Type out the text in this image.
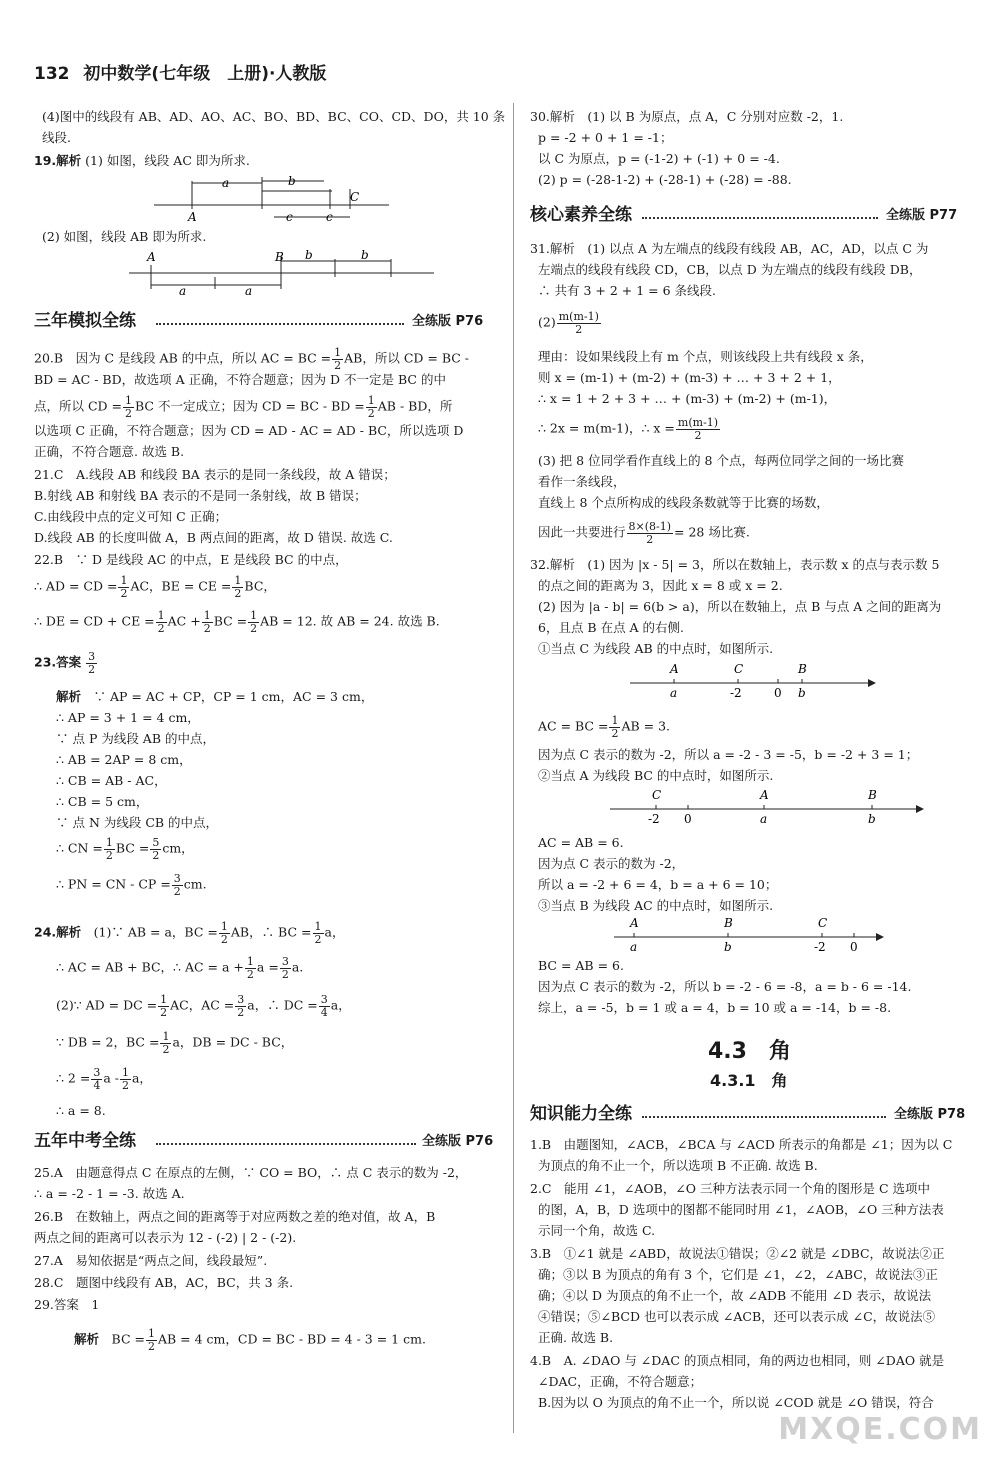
132 初中数学(七年级　上册)·人教版
(4)图中的线段有 AB、AD、AO、AC、BO、BD、BC、CO、CD、DO，共 10 条
线段.
19.解析 (1) 如图，线段 AC 即为所求.
a	b
A
C
c	c
(2) 如图，线段 AB 即为所求.
A	B
a	a
b	b
三年模拟全练	全练版 P76
20.B　因为 C 是线段 AB 的中点，所以 AC = BC = $\frac{1}{2}$ AB，所以 CD = BC -
BD = AC - BD，故选项 A 正确，不符合题意；因为 D 不一定是 BC 的中
点，所以 CD = $\frac{1}{2}$ BC 不一定成立；因为 CD = BC - BD = $\frac{1}{2}$ AB - BD，所
以选项 C 正确，不符合题意；因为 CD = AD - AC = AD - BC，所以选项 D
正确，不符合题意. 故选 B.
21.C　A.线段 AB 和线段 BA 表示的是同一条线段，故 A 错误；
B.射线 AB 和射线 BA 表示的不是同一条射线，故 B 错误；
C.由线段中点的定义可知 C 正确；
D.线段 AB 的长度叫做 A，B 两点间的距离，故 D 错误. 故选 C.
22.B　∵ D 是线段 AC 的中点，E 是线段 BC 的中点，
∴ AD = CD = $\frac{1}{2}$ AC，BE = CE = $\frac{1}{2}$ BC，
∴ DE = CD + CE = $\frac{1}{2}$ AC + $\frac{1}{2}$ BC = $\frac{1}{2}$ AB = 12. 故 AB = 24. 故选 B.
23.答案 $\frac{3}{2}$
解析　 ∵ AP = AC + CP，CP = 1 cm，AC = 3 cm，
∴ AP = 3 + 1 = 4 cm，
∵ 点 P 为线段 AB 的中点，
∴ AB = 2AP = 8 cm，
∴ CB = AB - AC，
∴ CB = 5 cm，
∵ 点 N 为线段 CB 的中点，
∴ CN = $\frac{1}{2}$ BC = $\frac{5}{2}$ cm，
∴ PN = CN - CP = $\frac{3}{2}$ cm.
24.解析　 (1)∵ AB = a，BC = $\frac{1}{2}$ AB，∴ BC = $\frac{1}{2}$ a，
∴ AC = AB + BC，∴ AC = $a + \frac{1}{2}$ $a = \frac{3}{2} a$.
(2)∵ AD = DC = $\frac{1}{2}$ AC，AC = $\frac{3}{2}$ a，∴ DC = $\frac{3}{4}$ a，
∵ DB = 2，BC = $\frac{1}{2}$ a，DB = DC - BC，
∴ $2 = \frac{3}{4}$ a - $\frac{1}{2}$ a，
∴ a = 8.
五年中考全练	全练版 P76
25.A　由题意得点 C 在原点的左侧，∵ CO = BO，∴ 点 C 表示的数为 -2，
∴ a = -2 - 1 = -3. 故选 A.
26.B　在数轴上，两点之间的距离等于对应两数之差的绝对值，故 A，B
两点之间的距离可以表示为 12 - (-2) | 2 - (-2).
27.A　易知依据是“两点之间，线段最短”.
28.C　题图中线段有 AB，AC，BC，共 3 条.
29.答案　1
解析　 BC = $\frac{1}{2}$ AB = 4 cm，CD = BC - BD = 4 - 3 = 1 cm.
30.解析　(1) 以 B 为原点，点 A，C 分别对应数 -2，1.
p = -2 + 0 + 1 = -1；
以 C 为原点，p = (-1-2) + (-1) + 0 = -4.
(2) p = (-28-1-2) + (-28-1) + (-28) = -88.
核心素养全练	全练版 P77
31.解析　(1) 以点 A 为左端点的线段有线段 AB，AC，AD，以点 C 为
左端点的线段有线段 CD，CB，以点 D 为左端点的线段有线段 DB，
∴ 共有 3 + 2 + 1 = 6 条线段.
$(2) \frac{m(m-1)}{2}$
理由：设如果线段上有 m 个点，则该线段上共有线段 x 条，
则 x = (m-1) + (m-2) + (m-3) + … + 3 + 2 + 1，
∴ x = 1 + 2 + 3 + … + (m-3) + (m-2) + (m-1)，
∴ 2x = m(m-1)，∴ $x = \frac{m(m-1)}{2}$
(3) 把 8 位同学看作直线上的 8 个点，每两位同学之间的一场比赛
看作一条线段，
直线上 8 个点所构成的线段条数就等于比赛的场数，
因此一共要进行 $\frac{8\times(8-1)}{2} = 28$ 场比赛.
32.解析　(1) 因为 |x - 5| = 3，所以在数轴上，表示数 x 的点与表示数 5
的点之间的距离为 3，因此 x = 8 或 x = 2.
(2) 因为 |a - b| = 6(b > a)，所以在数轴上，点 B 与点 A 之间的距离为
6，且点 B 在点 A 的右侧.
①当点 C 为线段 AB 的中点时，如图所示.
A	C	B
a	-2	0 b
AC = BC = $\frac{1}{2}$ AB = 3.
因为点 C 表示的数为 -2，所以 a = -2 - 3 = -5，b = -2 + 3 = 1；
②当点 A 为线段 BC 的中点时，如图所示.
C	A	B
-2 0	a	b
AC = AB = 6.
因为点 C 表示的数为 -2，
所以 a = -2 + 6 = 4，b = a + 6 = 10；
③当点 B 为线段 AC 的中点时，如图所示.
A	B	C
a	b	-2 0
BC = AB = 6.
因为点 C 表示的数为 -2，所以 b = -2 - 6 = -8，a = b - 6 = -14.
综上，a = -5，b = 1 或 a = 4，b = 10 或 a = -14，b = -8.
4.3　角
4.3.1　角
知识能力全练	全练版 P78
1.B　由题图知，∠ACB，∠BCA 与 ∠ACD 所表示的角都是 ∠1；因为以 C
为顶点的角不止一个，所以选项 B 不正确. 故选 B.
2.C　能用 ∠1，∠AOB，∠O 三种方法表示同一个角的图形是 C 选项中
的图，A，B，D 选项中的图都不能同时用 ∠1，∠AOB，∠O 三种方法表
示同一个角，故选 C.
3.B　①∠1 就是 ∠ABD，故说法①错误；②∠2 就是 ∠DBC，故说法②正
确；③以 B 为顶点的角有 3 个，它们是 ∠1，∠2，∠ABC，故说法③正
确；④以 D 为顶点的角不止一个，故 ∠ADB 不能用 ∠D 表示，故说法
④错误；⑤∠BCD 也可以表示成 ∠ACB，还可以表示成 ∠C，故说法⑤
正确. 故选 B.
4.B　A. ∠DAO 与 ∠DAC 的顶点相同，角的两边也相同，则 ∠DAO 就是
∠DAC，正确，不符合题意；
B.因为以 O 为顶点的角不止一个，所以说 ∠COD 就是 ∠O 错误，符合
MXQE.COM
